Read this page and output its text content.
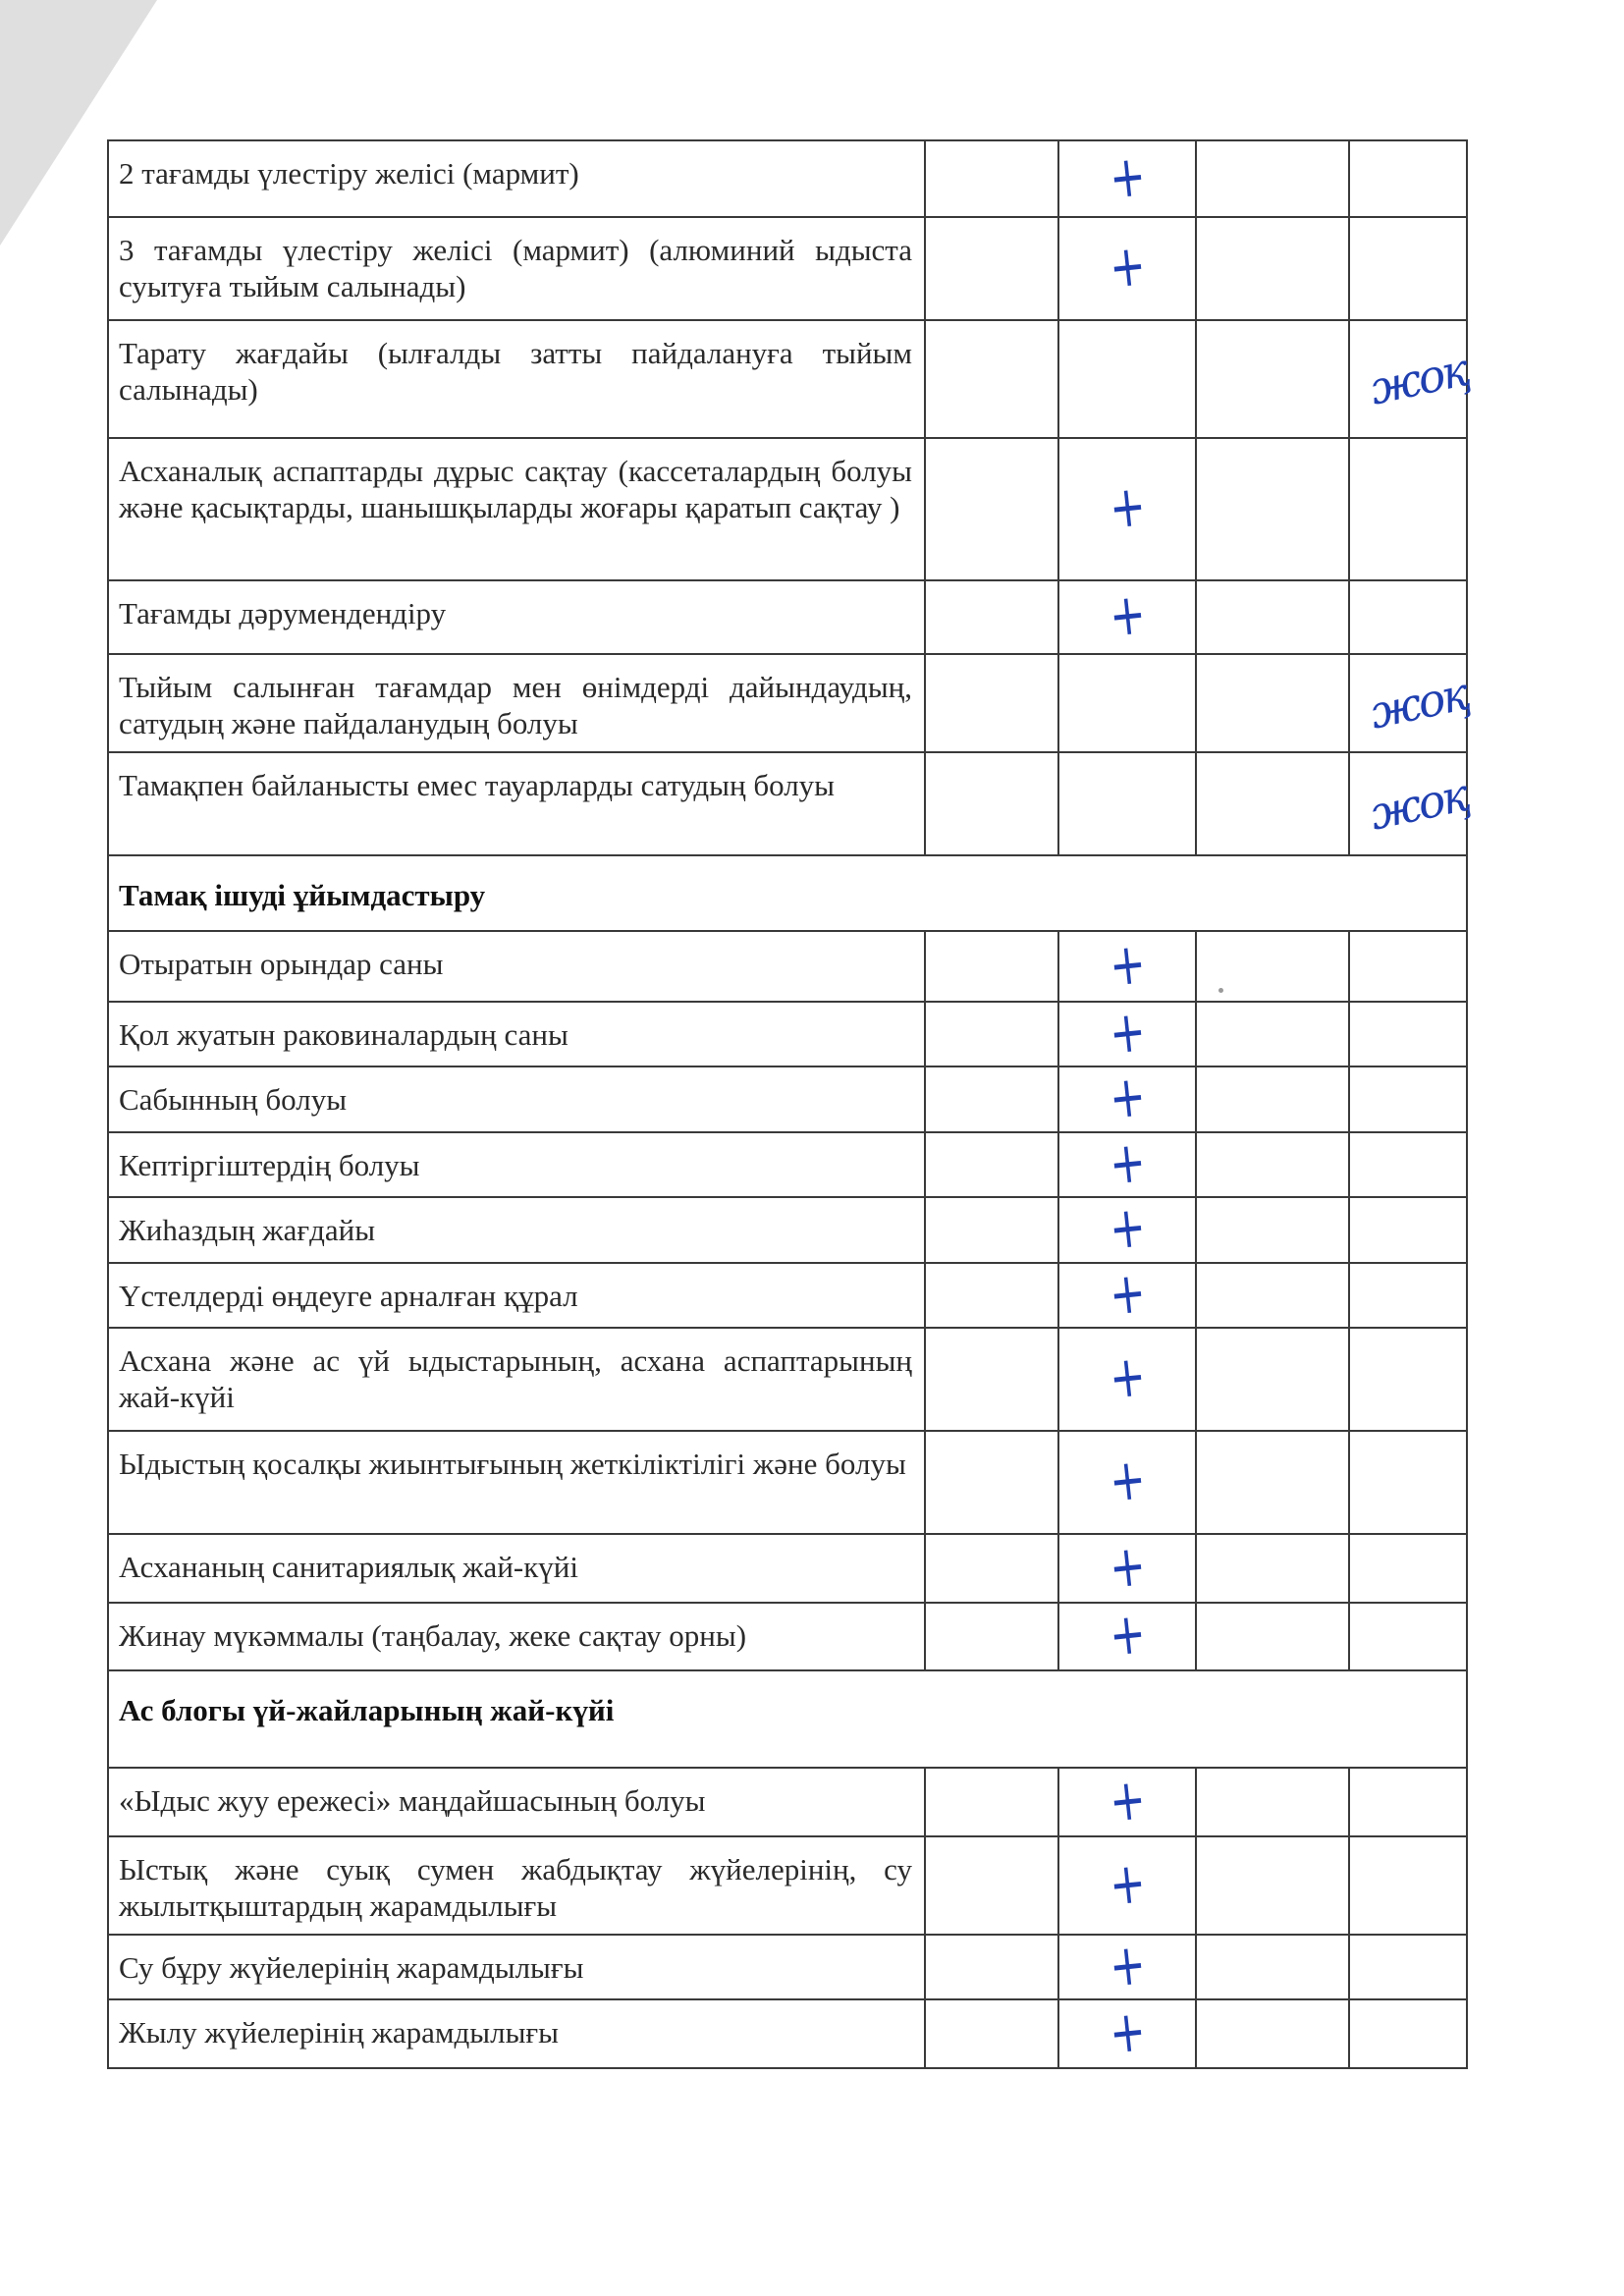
2 тағамды үлестіру желісі (мармит)		+		
3 тағамды үлестіру желісі (мармит) (алюминий ыдыста суытуға тыйым салынады)		+		
Тарату жағдайы (ылғалды затты пайдалануға тыйым салынады)				жоқ
Асханалық аспаптарды дұрыс сақтау (кассеталардың болуы және қасықтарды, шанышқыларды жоғары қаратып сақтау )		+		
Тағамды дәрумендендіру		+		
Тыйым салынған тағамдар мен өнімдерді дайындаудың, сатудың және пайдаланудың болуы				жоқ
Тамақпен байланысты емес тауарларды сатудың болуы				жоқ
Тамақ ішуді ұйымдастыру				
Отыратын орындар саны		+		
Қол жуатын раковиналардың саны		+		
Сабынның болуы		+		
Кептіргіштердің болуы		+		
Жиһаздың жағдайы		+		
Үстелдерді өңдеуге арналған құрал		+		
Асхана және ас үй ыдыстарының, асхана аспаптарының жай-күйі		+		
Ыдыстың қосалқы жиынтығының жеткіліктілігі және болуы		+		
Асхананың санитариялық жай-күйі		+		
Жинау мүкәммалы (таңбалау, жеке сақтау орны)		+		
Ас блогы үй-жайларының жай-күйі				
«Ыдыс жуу ережесі» маңдайшасының болуы		+		
Ыстық және суық сумен жабдықтау жүйелерінің, су жылытқыштардың жарамдылығы		+		
Су бұру жүйелерінің жарамдылығы		+		
Жылу жүйелерінің жарамдылығы		+		
